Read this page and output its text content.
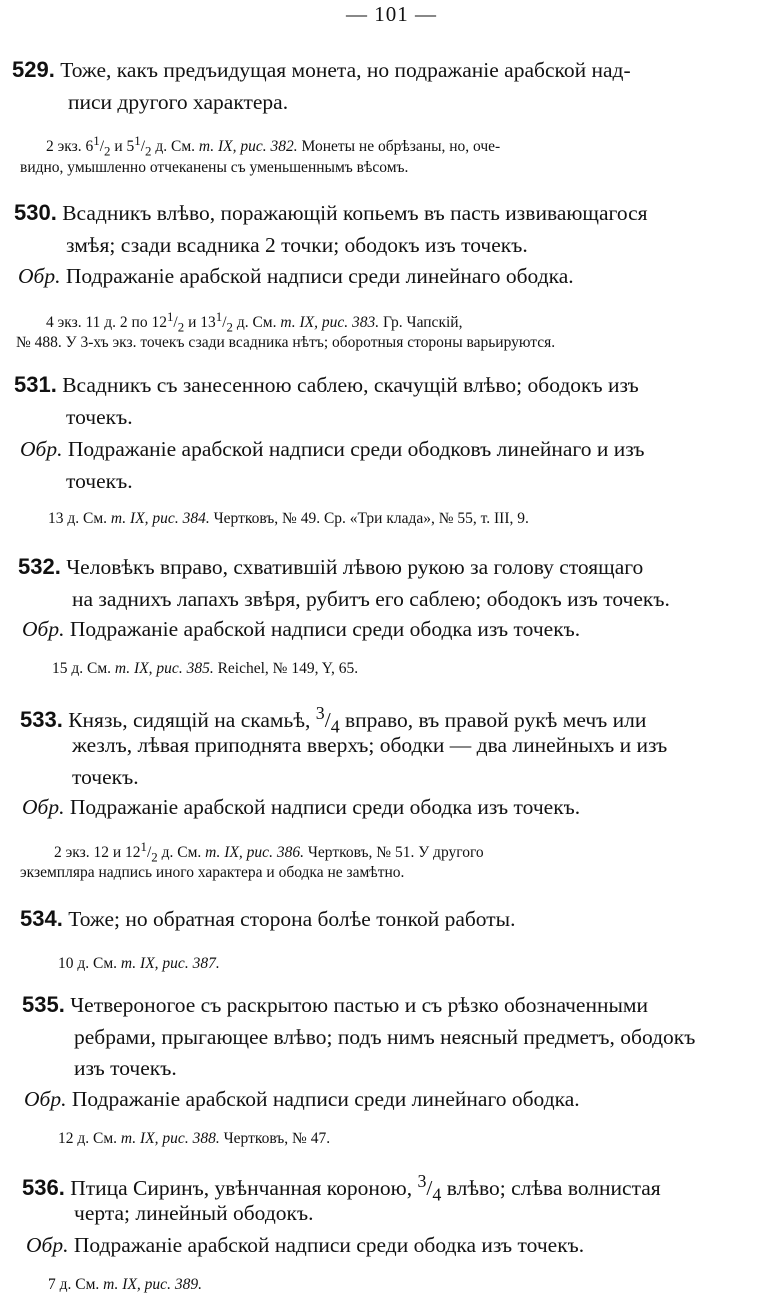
— 101 —
529. Тоже, какъ предъидущая монета, но подражаніе арабской над-
писи другого характера.
2 экз. $6^1/_2$ и $5^1/_2$ д. См. т. IX, рис. 382. Монеты не обрѣзаны, но, оче-
видно, умышленно отчеканены съ уменьшеннымъ вѣсомъ.
530. Всадникъ влѣво, поражающій копьемъ въ пасть извивающагося
змѣя; сзади всадника 2 точки; ободокъ изъ точекъ.
Обр. Подражаніе арабской надписи среди линейнаго ободка.
4 экз. 11 д. 2 по $12^1/_2$ и $13^1/_2$ д. См. т. IX, рис. 383. Гр. Чапскій,
№ 488. У 3-хъ экз. точекъ сзади всадника нѣтъ; оборотныя стороны варьируются.
531. Всадникъ съ занесенною саблею, скачущій влѣво; ободокъ изъ
точекъ.
Обр. Подражаніе арабской надписи среди ободковъ линейнаго и изъ
точекъ.
13 д. См. т. IX, рис. 384. Чертковъ, № 49. Ср. «Три клада», № 55, т. III, 9.
532. Человѣкъ вправо, схватившій лѣвою рукою за голову стоящаго
на заднихъ лапахъ звѣря, рубитъ его саблею; ободокъ изъ точекъ.
Обр. Подражаніе арабской надписи среди ободка изъ точекъ.
15 д. См. т. IX, рис. 385. Reichel, № 149, Y, 65.
533. Князь, сидящій на скамьѣ, $^3/_4$ вправо, въ правой рукѣ мечъ или
жезлъ, лѣвая приподнята вверхъ; ободки — два линейныхъ и изъ
точекъ.
Обр. Подражаніе арабской надписи среди ободка изъ точекъ.
2 экз. 12 и $12^1/_2$ д. См. т. IX, рис. 386. Чертковъ, № 51. У другого
экземпляра надпись иного характера и ободка не замѣтно.
534. Тоже; но обратная сторона болѣе тонкой работы.
10 д. См. т. IX, рис. 387.
535. Четвероногое съ раскрытою пастью и съ рѣзко обозначенными
ребрами, прыгающее влѣво; подъ нимъ неясный предметъ, ободокъ
изъ точекъ.
Обр. Подражаніе арабской надписи среди линейнаго ободка.
12 д. См. т. IX, рис. 388. Чертковъ, № 47.
536. Птица Сиринъ, увѣнчанная короною, $^3/_4$ влѣво; слѣва волнистая
черта; линейный ободокъ.
Обр. Подражаніе арабской надписи среди ободка изъ точекъ.
7 д. См. т. IX, рис. 389.
